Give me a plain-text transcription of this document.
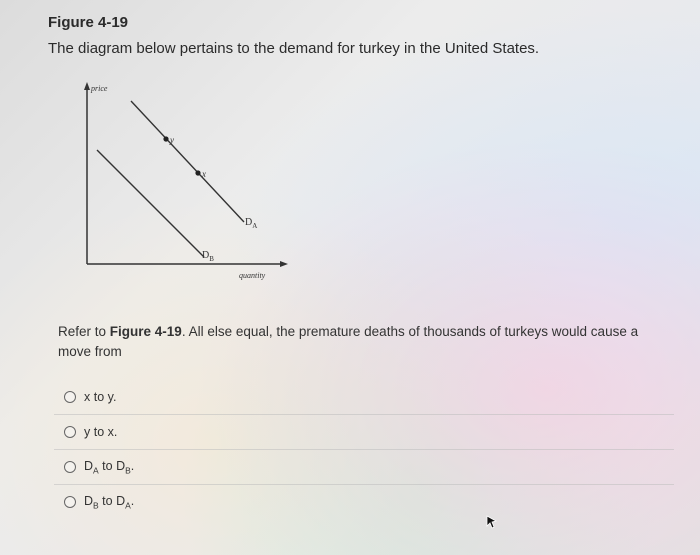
Figure 4-19
The diagram below pertains to the demand for turkey in the United States.
price
quantity
y
x
$D_A$
$D_B$
Refer to Figure 4-19. All else equal, the premature deaths of thousands of turkeys would cause a move from
x to y.
y to x.
$D_A$ to $D_B$.
$D_B$ to $D_A$.
